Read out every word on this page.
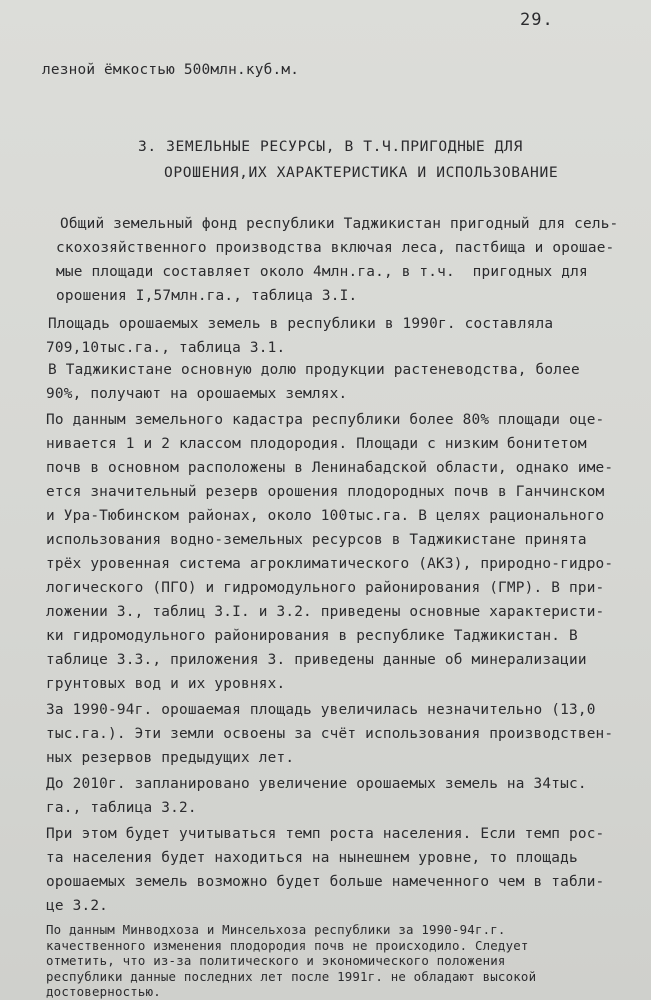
29.
лезной ёмкостью 500млн.куб.м.
3. ЗЕМЕЛЬНЫЕ РЕСУРСЫ, В Т.Ч.ПРИГОДНЫЕ ДЛЯ
ОРОШЕНИЯ,ИХ ХАРАКТЕРИСТИКА И ИСПОЛЬЗОВАНИЕ
Общий земельный фонд республики Таджикистан пригодный для сель-
скохозяйственного производства включая леса, пастбища и орошае-
мые площади составляет около 4млн.га., в т.ч.  пригодных для
орошения I,57млн.га., таблица 3.I.
Площадь орошаемых земель в республики в 1990г. составляла
709,10тыс.га., таблица 3.1.
В Таджикистане основную долю продукции растеневодства, более
90%, получают на орошаемых землях.
По данным земельного кадастра республики более 80% площади оце-
нивается 1 и 2 классом плодородия. Площади с низким бонитетом
почв в основном расположены в Ленинабадской области, однако име-
ется значительный резерв орошения плодородных почв в Ганчинском
и Ура-Тюбинском районах, около 100тыс.га. В целях рационального
использования водно-земельных ресурсов в Таджикистане принята
трёх уровенная система агроклиматического (АКЗ), природно-гидро-
логического (ПГО) и гидромодульного районирования (ГМР). В при-
ложении 3., таблиц 3.I. и 3.2. приведены основные характеристи-
ки гидромодульного районирования в республике Таджикистан. В
таблице 3.3., приложения 3. приведены данные об минерализации
грунтовых вод и их уровнях.
За 1990-94г. орошаемая площадь увеличилась незначительно (13,0
тыс.га.). Эти земли освоены за счёт использования производствен-
ных резервов предыдущих лет.
До 2010г. запланировано увеличение орошаемых земель на 34тыс.
га., таблица 3.2.
При этом будет учитываться темп роста населения. Если темп рос-
та населения будет находиться на нынешнем уровне, то площадь
орошаемых земель возможно будет больше намеченного чем в табли-
це 3.2.
По данным Минводхоза и Минсельхоза республики за 1990-94г.г.
качественного изменения плодородия почв не происходило. Следует
отметить, что из-за политического и экономического положения
республики данные последних лет после 1991г. не обладают высокой
достоверностью.
